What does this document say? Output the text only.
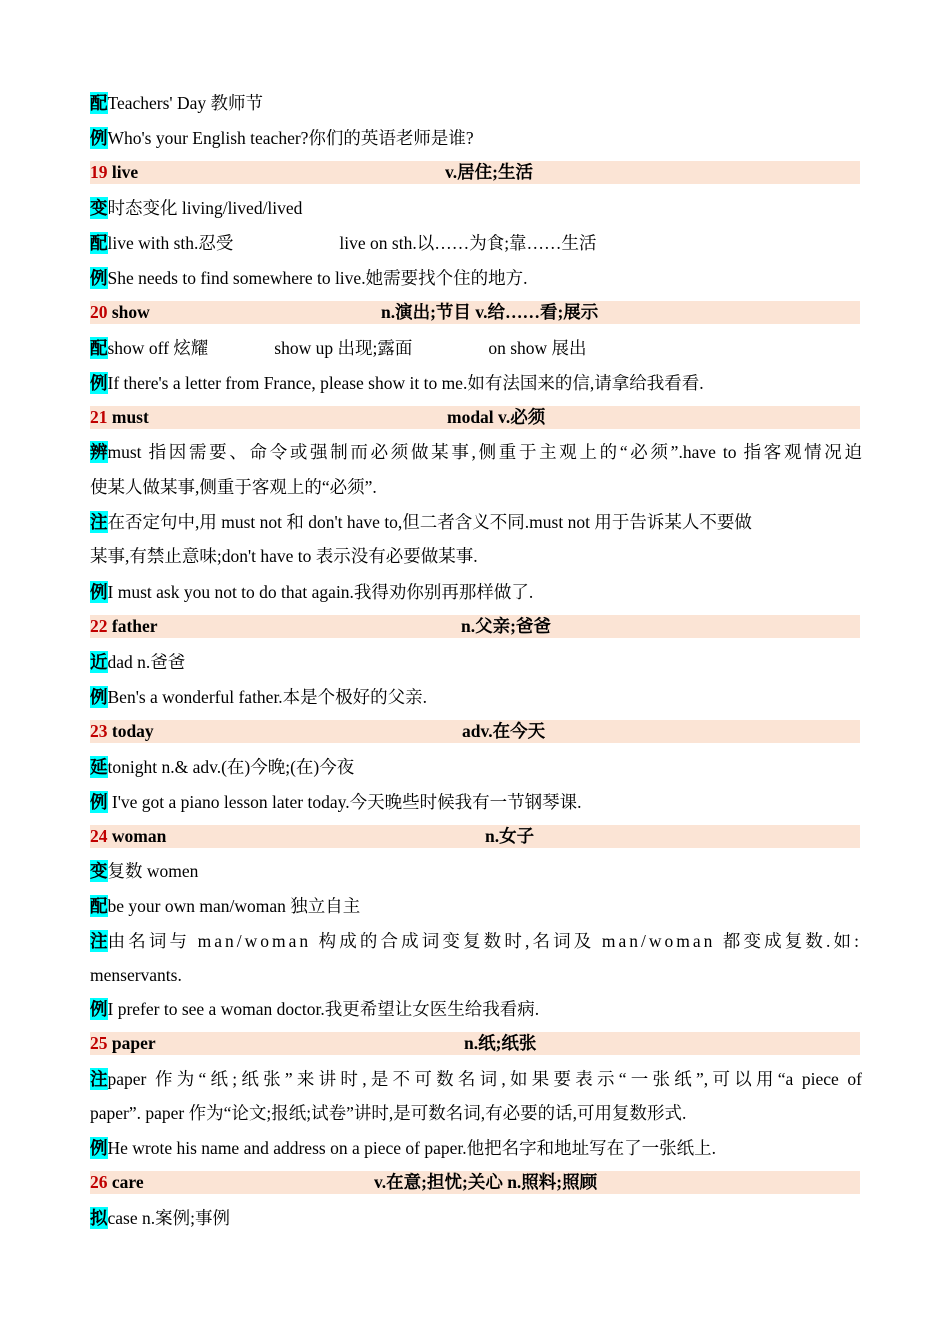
配Teachers' Day 教师节
例Who's your English teacher?你们的英语老师是谁?
19 live	v.居住;生活
变时态变化 living/lived/lived
配live with sth.忍受	live on sth.以……为食;靠……生活
例She needs to find somewhere to live.她需要找个住的地方.
20 show	n.演出;节目 v.给……看;展示
配show off 炫耀	show up 出现;露面	on show 展出
例If there's a letter from France, please show it to me.如有法国来的信,请拿给我看看.
21 must	modal v.必须
辨must 指因需要、命令或强制而必须做某事,侧重于主观上的“必须”.have to 指客观情况迫
使某人做某事,侧重于客观上的“必须”.
注在否定句中,用 must not 和 don't have to,但二者含义不同.must not 用于告诉某人不要做
某事,有禁止意味;don't have to 表示没有必要做某事.
例I must ask you not to do that again.我得劝你别再那样做了.
22 father	n.父亲;爸爸
近dad n.爸爸
例Ben's a wonderful father.本是个极好的父亲.
23 today	adv.在今天
延tonight n.& adv.(在)今晚;(在)今夜
例 I've got a piano lesson later today.今天晚些时候我有一节钢琴课.
24 woman	n.女子
变复数 women
配be your own man/woman 独立自主
注由名词与 man/woman 构成的合成词变复数时,名词及 man/woman 都变成复数.如:
menservants.
例I prefer to see a woman doctor.我更希望让女医生给我看病.
25 paper	n.纸;纸张
注paper 作为“纸;纸张”来讲时,是不可数名词,如果要表示“一张纸”,可以用“a piece of
paper”. paper 作为“论文;报纸;试卷”讲时,是可数名词,有必要的话,可用复数形式.
例He wrote his name and address on a piece of paper.他把名字和地址写在了一张纸上.
26 care	v.在意;担忧;关心 n.照料;照顾
拟case n.案例;事例
